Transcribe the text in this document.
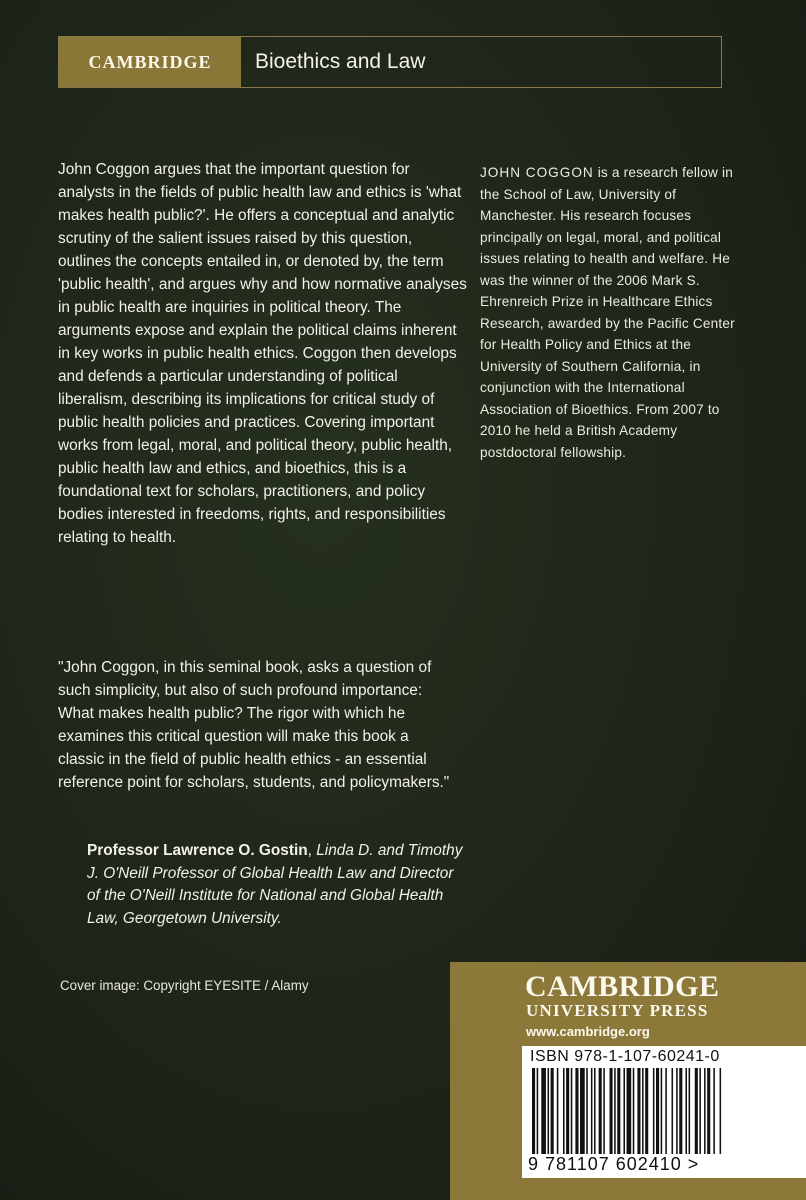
CAMBRIDGE	Bioethics and Law
John Coggon argues that the important question for analysts in the fields of public health law and ethics is 'what makes health public?'. He offers a conceptual and analytic scrutiny of the salient issues raised by this question, outlines the concepts entailed in, or denoted by, the term 'public health', and argues why and how normative analyses in public health are inquiries in political theory. The arguments expose and explain the political claims inherent in key works in public health ethics. Coggon then develops and defends a particular understanding of political liberalism, describing its implications for critical study of public health policies and practices. Covering important works from legal, moral, and political theory, public health, public health law and ethics, and bioethics, this is a foundational text for scholars, practitioners, and policy bodies interested in freedoms, rights, and responsibilities relating to health.
JOHN COGGON is a research fellow in the School of Law, University of Manchester. His research focuses principally on legal, moral, and political issues relating to health and welfare. He was the winner of the 2006 Mark S. Ehrenreich Prize in Healthcare Ethics Research, awarded by the Pacific Center for Health Policy and Ethics at the University of Southern California, in conjunction with the International Association of Bioethics. From 2007 to 2010 he held a British Academy postdoctoral fellowship.
"John Coggon, in this seminal book, asks a question of such simplicity, but also of such profound importance: What makes health public? The rigor with which he examines this critical question will make this book a classic in the field of public health ethics - an essential reference point for scholars, students, and policymakers."
Professor Lawrence O. Gostin, Linda D. and Timothy J. O'Neill Professor of Global Health Law and Director of the O'Neill Institute for National and Global Health Law, Georgetown University.
Cover image: Copyright EYESITE / Alamy	CAMBRIDGE
UNIVERSITY PRESS
www.cambridge.org
ISBN 978-1-107-60241-0
9 781107 602410 >
